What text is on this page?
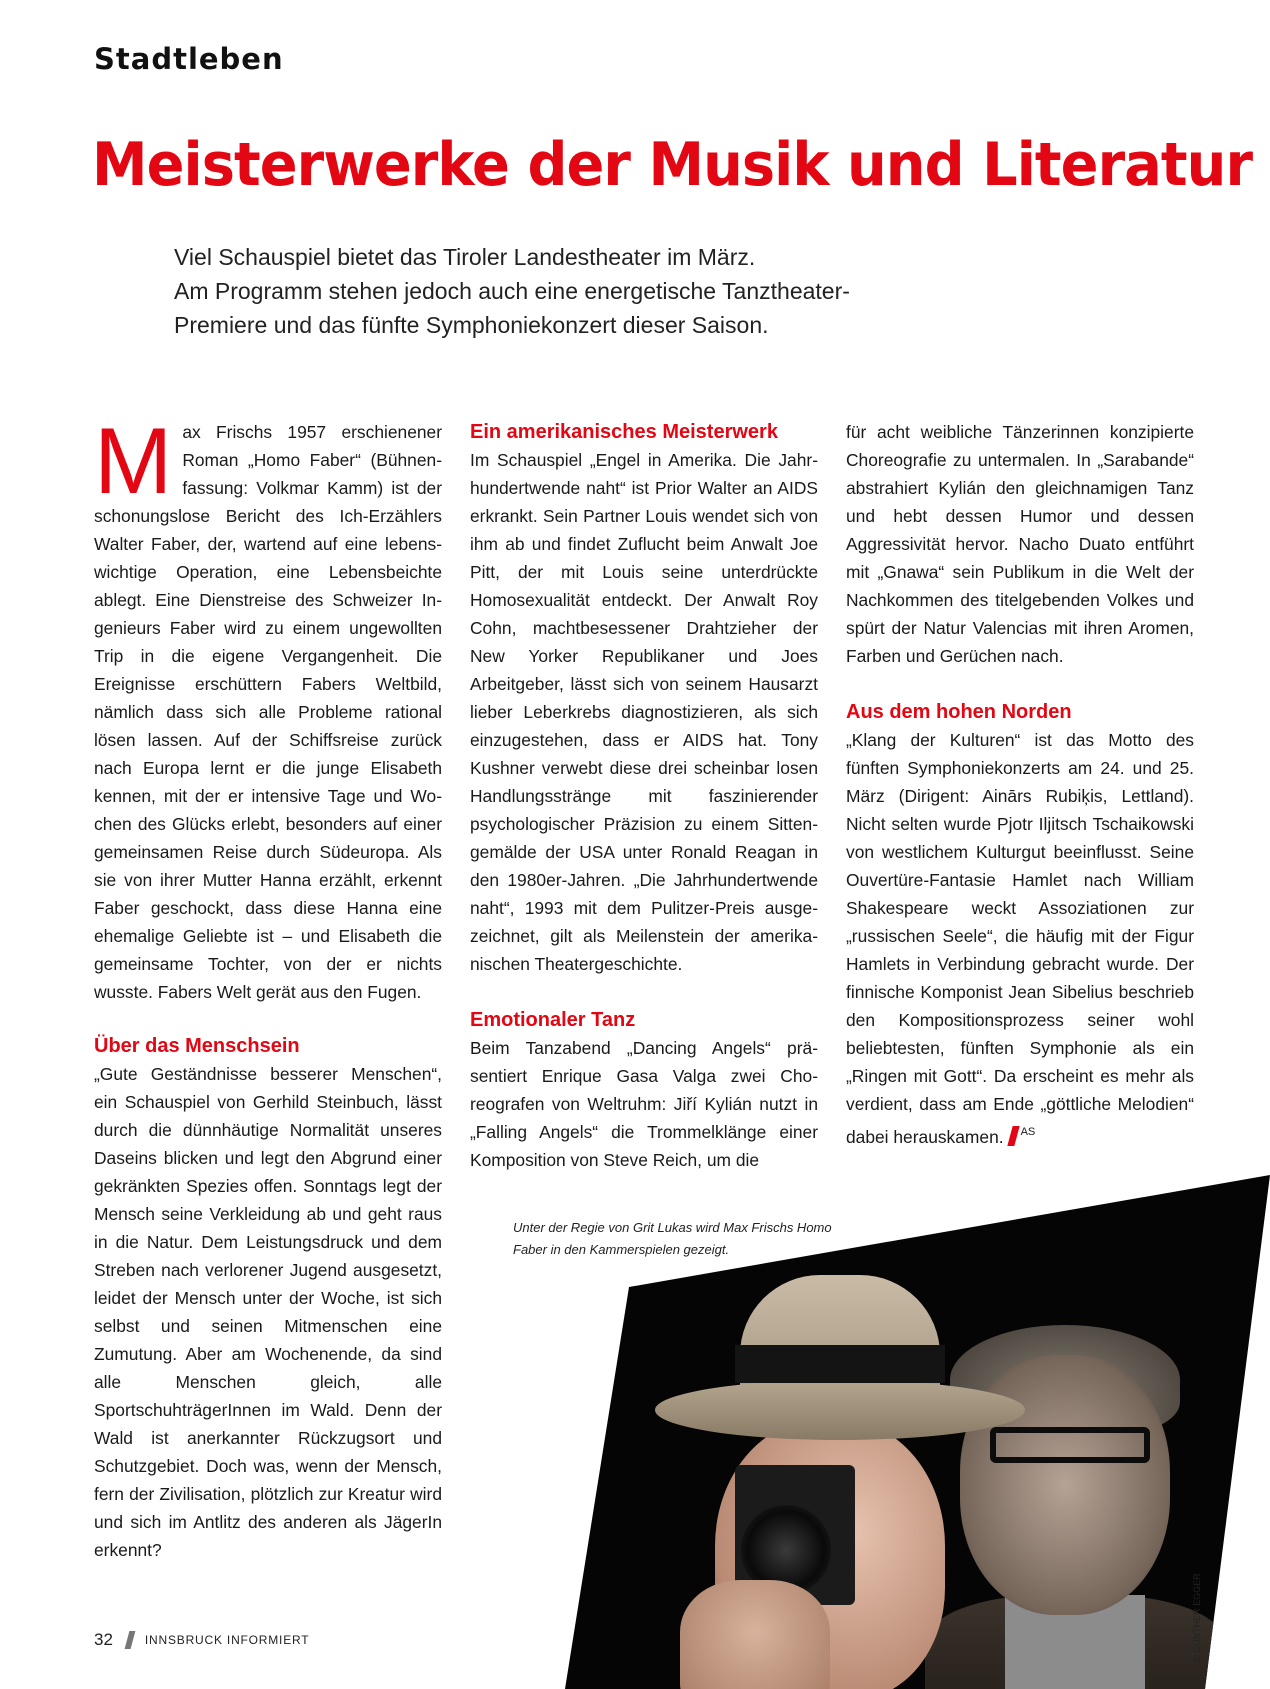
Stadtleben
Meisterwerke der Musik und Literatur
Viel Schauspiel bietet das Tiroler Landestheater im März.
Am Programm stehen jedoch auch eine energetische Tanztheater-
Premiere und das fünfte Symphoniekonzert dieser Saison.

Max Frischs 1957 erschienener Roman „Homo Faber“ (Bühnenfassung: Volkmar Kamm) ist der schonungslose Bericht des Ich-Erzählers Walter Faber, der, wartend auf eine lebenswichtige Operation, eine Lebensbeichte ablegt. Eine Dienstreise des Schweizer Ingenieurs Faber wird zu einem ungewollten Trip in die eigene Vergangenheit. Die Ereignisse erschüttern Fabers Weltbild, nämlich dass sich alle Probleme rational lösen lassen. Auf der Schiffsreise zurück nach Europa lernt er die junge Elisabeth kennen, mit der er intensive Tage und Wochen des Glücks erlebt, besonders auf einer gemeinsamen Reise durch Südeuropa. Als sie von ihrer Mutter Hanna erzählt, erkennt Faber geschockt, dass diese Hanna eine ehemalige Geliebte ist – und Elisabeth die gemeinsame Tochter, von der er nichts wusste. Fabers Welt gerät aus den Fugen.

Über das Menschsein

„Gute Geständnisse besserer Menschen“, ein Schauspiel von Gerhild Steinbuch, lässt durch die dünnhäutige Normalität unseres Daseins blicken und legt den Abgrund einer gekränkten Spezies offen. Sonntags legt der Mensch seine Verkleidung ab und geht raus in die Natur. Dem Leistungsdruck und dem Streben nach verlorener Jugend ausgesetzt, leidet der Mensch unter der Woche, ist sich selbst und seinen Mitmenschen eine Zumutung. Aber am Wochenende, da sind alle Menschen gleich, alle SportschuhträgerInnen im Wald. Denn der Wald ist anerkannter Rückzugsort und Schutzgebiet. Doch was, wenn der Mensch, fern der Zivilisation, plötzlich zur Kreatur wird und sich im Antlitz des anderen als JägerIn erkennt?

Ein amerikanisches Meisterwerk

Im Schauspiel „Engel in Amerika. Die Jahrhundertwende naht“ ist Prior Walter an AIDS erkrankt. Sein Partner Louis wendet sich von ihm ab und findet Zuflucht beim Anwalt Joe Pitt, der mit Louis seine unterdrückte Homosexualität entdeckt. Der Anwalt Roy Cohn, machtbesessener Drahtzieher der New Yorker Republikaner und Joes Arbeitgeber, lässt sich von seinem Hausarzt lieber Leberkrebs diagnostizieren, als sich einzugestehen, dass er AIDS hat. Tony Kushner verwebt diese drei scheinbar losen Handlungsstränge mit faszinierender psychologischer Präzision zu einem Sittengemälde der USA unter Ronald Reagan in den 1980er-Jahren. „Die Jahrhundertwende naht“, 1993 mit dem Pulitzer-Preis ausgezeichnet, gilt als Meilenstein der amerikanischen Theatergeschichte.

Emotionaler Tanz

Beim Tanzabend „Dancing Angels“ präsentiert Enrique Gasa Valga zwei Choreografen von Weltruhm: Jiří Kylián nutzt in „Falling Angels“ die Trommelklänge einer Komposition von Steve Reich, um die

für acht weibliche Tänzerinnen konzipierte Choreografie zu untermalen. In „Sarabande“ abstrahiert Kylián den gleichnamigen Tanz und hebt dessen Humor und dessen Aggressivität hervor. Nacho Duato entführt mit „Gnawa“ sein Publikum in die Welt der Nachkommen des titelgebenden Volkes und spürt der Natur Valencias mit ihren Aromen, Farben und Gerüchen nach.

Aus dem hohen Norden

„Klang der Kulturen“ ist das Motto des fünften Symphoniekonzerts am 24. und 25. März (Dirigent: Ainārs Rubiķis, Lettland). Nicht selten wurde Pjotr Iljitsch Tschaikowski von westlichem Kulturgut beeinflusst. Seine Ouvertüre-Fantasie Hamlet nach William Shakespeare weckt Assoziationen zur „russischen Seele“, die häufig mit der Figur Hamlets in Verbindung gebracht wurde. Der finnische Komponist Jean Sibelius beschrieb den Kompositionsprozess seiner wohl beliebtesten, fünften Symphonie als ein „Ringen mit Gott“. Da erscheint es mehr als verdient, dass am Ende „göttliche Melodien“ dabei herauskamen. $^{AS}$

Unter der Regie von Grit Lukas wird Max Frischs Homo Faber in den Kammerspielen gezeigt.
© GÜNTHER EGGER
32	INNSBRUCK INFORMIERT
